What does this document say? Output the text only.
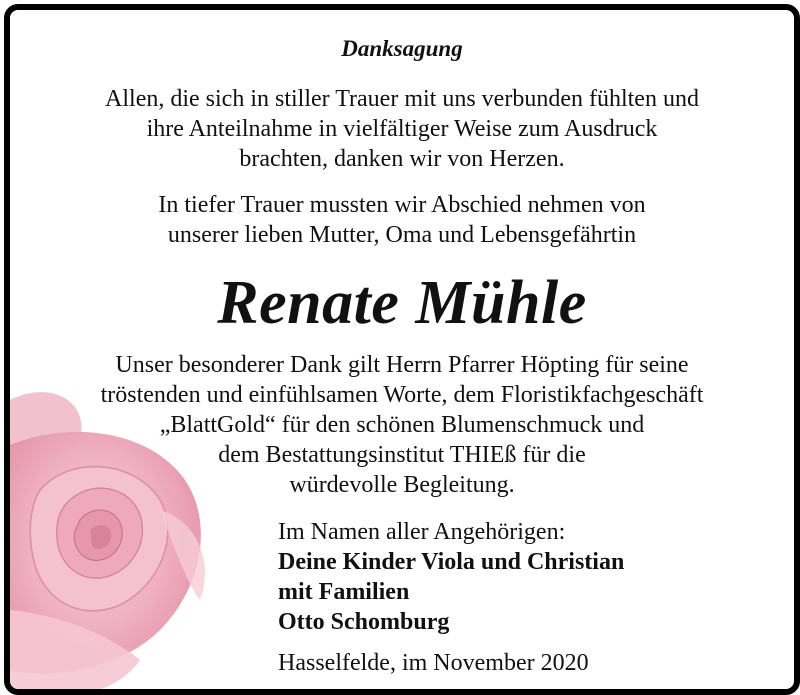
Danksagung
Allen, die sich in stiller Trauer mit uns verbunden fühlten und
ihre Anteilnahme in vielfältiger Weise zum Ausdruck
brachten, danken wir von Herzen.
In tiefer Trauer mussten wir Abschied nehmen von
unserer lieben Mutter, Oma und Lebensgefährtin
Renate Mühle
Unser besonderer Dank gilt Herrn Pfarrer Höpting für seine
tröstenden und einfühlsamen Worte, dem Floristikfachgeschäft
„BlattGold“ für den schönen Blumenschmuck und
dem Bestattungsinstitut THIEß für die
würdevolle Begleitung.
Im Namen aller Angehörigen:
Deine Kinder Viola und Christian
mit Familien
Otto Schomburg
Hasselfelde, im November 2020
